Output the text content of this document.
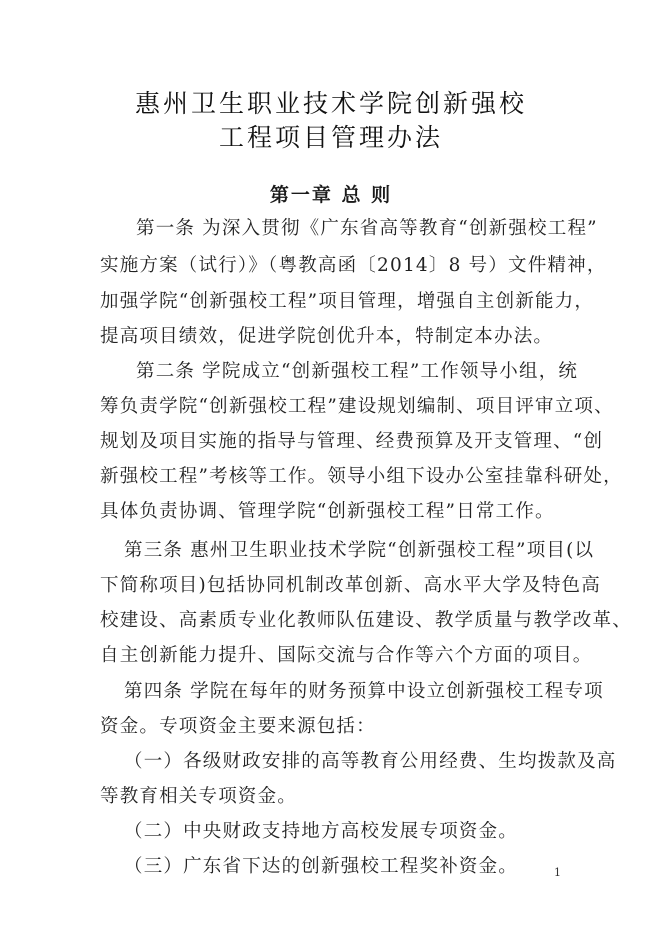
惠州卫生职业技术学院创新强校
工程项目管理办法
第一章 总 则
第一条 为深入贯彻《广东省高等教育“创新强校工程”
实施方案（试行）》（粤教高函〔2014〕8 号）文件精神，
加强学院“创新强校工程”项目管理，增强自主创新能力，
提高项目绩效，促进学院创优升本，特制定本办法。
第二条 学院成立“创新强校工程”工作领导小组，统
筹负责学院“创新强校工程”建设规划编制、项目评审立项、
规划及项目实施的指导与管理、经费预算及开支管理、“创
新强校工程”考核等工作。领导小组下设办公室挂靠科研处，
具体负责协调、管理学院“创新强校工程”日常工作。
第三条 惠州卫生职业技术学院“创新强校工程”项目(以
下简称项目)包括协同机制改革创新、高水平大学及特色高
校建设、高素质专业化教师队伍建设、教学质量与教学改革、
自主创新能力提升、国际交流与合作等六个方面的项目。
第四条 学院在每年的财务预算中设立创新强校工程专项
资金。专项资金主要来源包括：
（一）各级财政安排的高等教育公用经费、生均拨款及高
等教育相关专项资金。
（二）中央财政支持地方高校发展专项资金。
（三）广东省下达的创新强校工程奖补资金。	1
